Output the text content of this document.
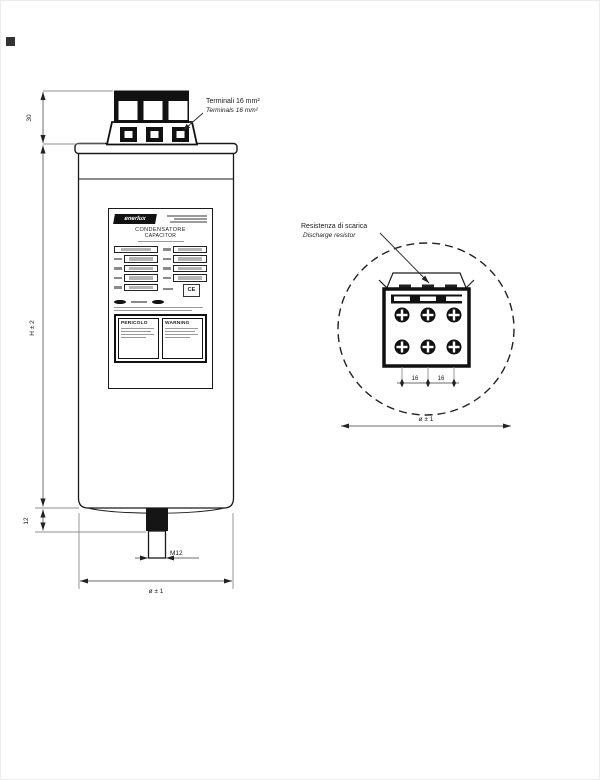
30
H ± 2
12
M12
ø ± 1
Terminali 16 mm²
Terminals 16 mm²
16	16
ø ± 1
Resistenza di scarica
Discharge resistor
enerlux
CONDENSATORE
CAPACITOR
CE
PERICOLO	WARNING
